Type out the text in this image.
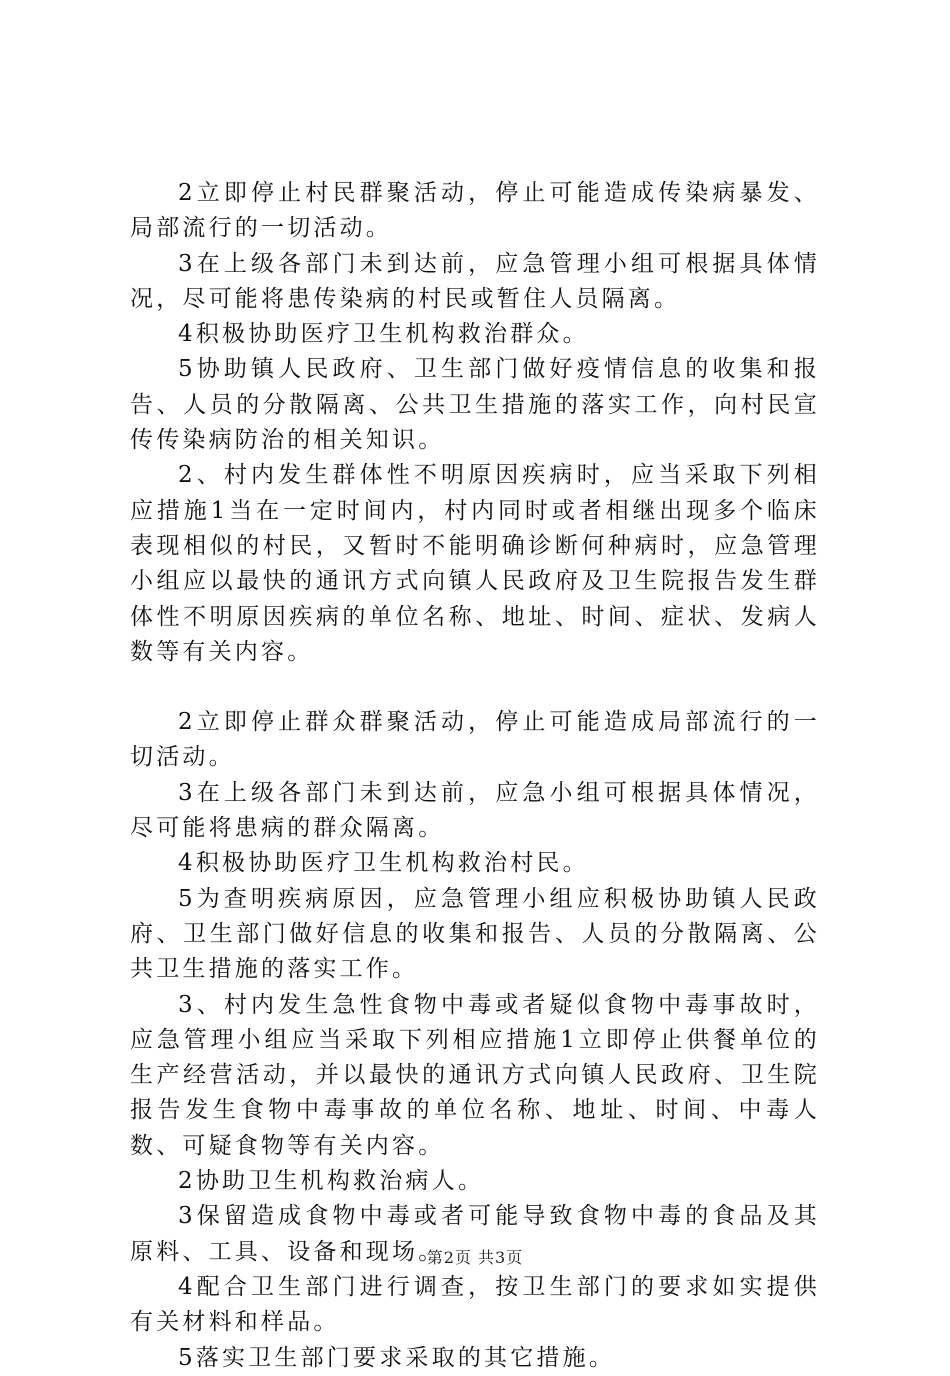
2立即停止村民群聚活动，停止可能造成传染病暴发、局部流行的一切活动。

3在上级各部门未到达前，应急管理小组可根据具体情况，尽可能将患传染病的村民或暂住人员隔离。

4积极协助医疗卫生机构救治群众。

5协助镇人民政府、卫生部门做好疫情信息的收集和报告、人员的分散隔离、公共卫生措施的落实工作，向村民宣传传染病防治的相关知识。

2、村内发生群体性不明原因疾病时，应当采取下列相应措施1当在一定时间内，村内同时或者相继出现多个临床表现相似的村民，又暂时不能明确诊断何种病时，应急管理小组应以最快的通讯方式向镇人民政府及卫生院报告发生群体性不明原因疾病的单位名称、地址、时间、症状、发病人数等有关内容。

2立即停止群众群聚活动，停止可能造成局部流行的一切活动。

3在上级各部门未到达前，应急小组可根据具体情况，尽可能将患病的群众隔离。

4积极协助医疗卫生机构救治村民。

5为查明疾病原因，应急管理小组应积极协助镇人民政府、卫生部门做好信息的收集和报告、人员的分散隔离、公共卫生措施的落实工作。

3、村内发生急性食物中毒或者疑似食物中毒事故时，应急管理小组应当采取下列相应措施1立即停止供餐单位的生产经营活动，并以最快的通讯方式向镇人民政府、卫生院报告发生食物中毒事故的单位名称、地址、时间、中毒人数、可疑食物等有关内容。

2协助卫生机构救治病人。

3保留造成食物中毒或者可能导致食物中毒的食品及其原料、工具、设备和现场。

4配合卫生部门进行调查，按卫生部门的要求如实提供有关材料和样品。

5落实卫生部门要求采取的其它措施。

第2页 共3页
